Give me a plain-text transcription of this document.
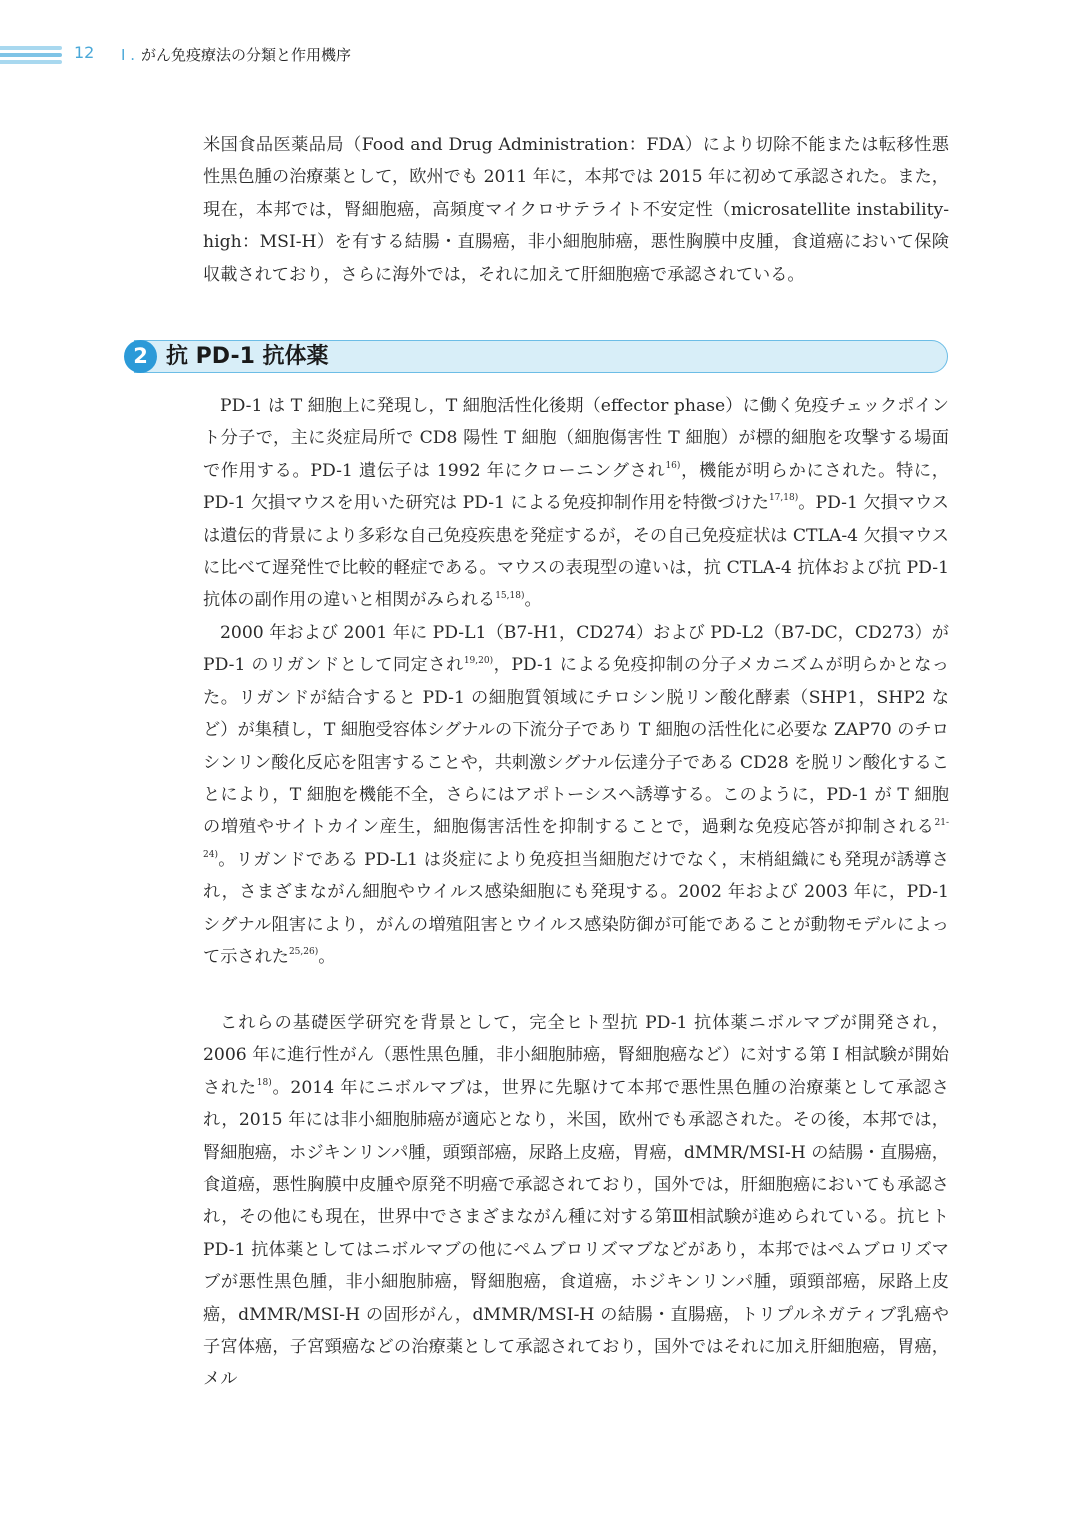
12 I . がん免疫療法の分類と作用機序

米国食品医薬品局（Food and Drug Administration：FDA）により切除不能または転移性悪性黒色腫の治療薬として，欧州でも 2011 年に，本邦では 2015 年に初めて承認された。また，現在，本邦では，腎細胞癌，高頻度マイクロサテライト不安定性（microsatellite instability-high：MSI-H）を有する結腸・直腸癌，非小細胞肺癌，悪性胸膜中皮腫，食道癌において保険収載されており，さらに海外では，それに加えて肝細胞癌で承認されている。

2 抗 PD-1 抗体薬

PD-1 は T 細胞上に発現し，T 細胞活性化後期（effector phase）に働く免疫チェックポイント分子で，主に炎症局所で CD8 陽性 T 細胞（細胞傷害性 T 細胞）が標的細胞を攻撃する場面で作用する。PD-1 遺伝子は 1992 年にクローニングされ$^{16)}$，機能が明らかにされた。特に，PD-1 欠損マウスを用いた研究は PD-1 による免疫抑制作用を特徴づけた$^{17,18)}$。PD-1 欠損マウスは遺伝的背景により多彩な自己免疫疾患を発症するが，その自己免疫症状は CTLA-4 欠損マウスに比べて遅発性で比較的軽症である。マウスの表現型の違いは，抗 CTLA-4 抗体および抗 PD-1 抗体の副作用の違いと相関がみられる$^{15,18)}$。

2000 年および 2001 年に PD-L1（B7-H1，CD274）および PD-L2（B7-DC，CD273）が PD-1 のリガンドとして同定され$^{19,20)}$，PD-1 による免疫抑制の分子メカニズムが明らかとなった。リガンドが結合すると PD-1 の細胞質領域にチロシン脱リン酸化酵素（SHP1，SHP2 など）が集積し，T 細胞受容体シグナルの下流分子であり T 細胞の活性化に必要な ZAP70 のチロシンリン酸化反応を阻害することや，共刺激シグナル伝達分子である CD28 を脱リン酸化することにより，T 細胞を機能不全，さらにはアポトーシスへ誘導する。このように，PD-1 が T 細胞の増殖やサイトカイン産生，細胞傷害活性を抑制することで，過剰な免疫応答が抑制される$^{21-24)}$。リガンドである PD-L1 は炎症により免疫担当細胞だけでなく，末梢組織にも発現が誘導され，さまざまながん細胞やウイルス感染細胞にも発現する。2002 年および 2003 年に，PD-1 シグナル阻害により，がんの増殖阻害とウイルス感染防御が可能であることが動物モデルによって示された$^{25,26)}$。

これらの基礎医学研究を背景として，完全ヒト型抗 PD-1 抗体薬ニボルマブが開発され，2006 年に進行性がん（悪性黒色腫，非小細胞肺癌，腎細胞癌など）に対する第 I 相試験が開始された$^{18)}$。2014 年にニボルマブは，世界に先駆けて本邦で悪性黒色腫の治療薬として承認され，2015 年には非小細胞肺癌が適応となり，米国，欧州でも承認された。その後，本邦では，腎細胞癌，ホジキンリンパ腫，頭頸部癌，尿路上皮癌，胃癌，dMMR/MSI-H の結腸・直腸癌，食道癌，悪性胸膜中皮腫や原発不明癌で承認されており，国外では，肝細胞癌においても承認され，その他にも現在，世界中でさまざまながん種に対する第Ⅲ相試験が進められている。抗ヒト PD-1 抗体薬としてはニボルマブの他にペムブロリズマブなどがあり，本邦ではペムブロリズマブが悪性黒色腫，非小細胞肺癌，腎細胞癌，食道癌，ホジキンリンパ腫，頭頸部癌，尿路上皮癌，dMMR/MSI-H の固形がん，dMMR/MSI-H の結腸・直腸癌，トリプルネガティブ乳癌や子宮体癌，子宮頸癌などの治療薬として承認されており，国外ではそれに加え肝細胞癌，胃癌，メル
